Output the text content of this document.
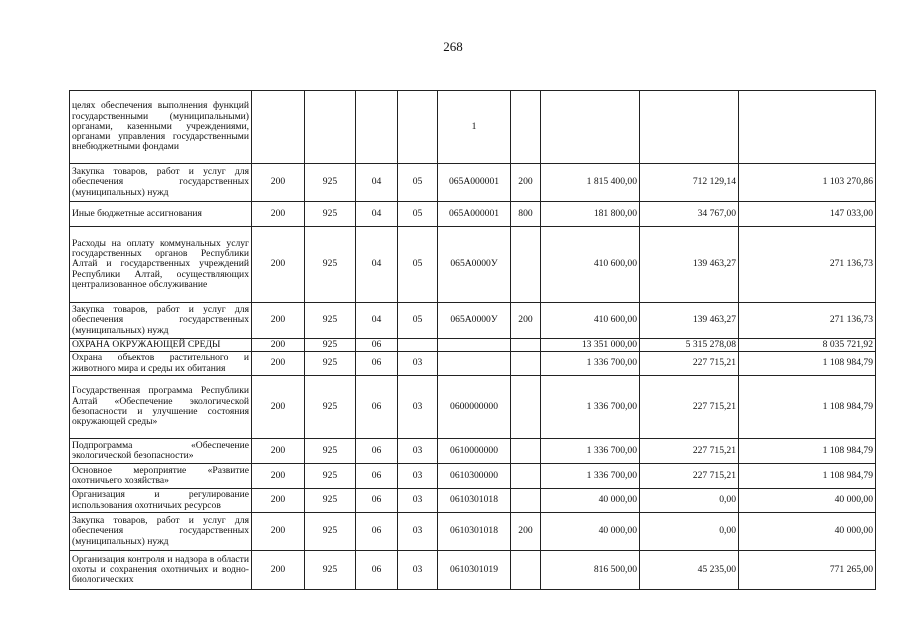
268
целях обеспечения выполнения функций государственными (муниципальными) органами, казенными учреждениями, органами управления государственными внебюджетными фондами					1				
Закупка товаров, работ и услуг для обеспечения государственных (муниципальных) нужд	200	925	04	05	065А000001	200	1 815 400,00	712 129,14	1 103 270,86
Иные бюджетные ассигнования	200	925	04	05	065А000001	800	181 800,00	34 767,00	147 033,00
Расходы на оплату коммунальных услуг государственных органов Республики Алтай и государственных учреждений Республики Алтай, осуществляющих централизованное обслуживание	200	925	04	05	065А0000У		410 600,00	139 463,27	271 136,73
Закупка товаров, работ и услуг для обеспечения государственных (муниципальных) нужд	200	925	04	05	065А0000У	200	410 600,00	139 463,27	271 136,73
ОХРАНА ОКРУЖАЮЩЕЙ СРЕДЫ	200	925	06				13 351 000,00	5 315 278,08	8 035 721,92
Охрана объектов растительного и животного мира и среды их обитания	200	925	06	03			1 336 700,00	227 715,21	1 108 984,79
Государственная программа Республики Алтай «Обеспечение экологической безопасности и улучшение состояния окружающей среды»	200	925	06	03	0600000000		1 336 700,00	227 715,21	1 108 984,79
Подпрограмма «Обеспечение экологической безопасности»	200	925	06	03	0610000000		1 336 700,00	227 715,21	1 108 984,79
Основное мероприятие «Развитие охотничьего хозяйства»	200	925	06	03	0610300000		1 336 700,00	227 715,21	1 108 984,79
Организация и регулирование использования охотничьих ресурсов	200	925	06	03	0610301018		40 000,00	0,00	40 000,00
Закупка товаров, работ и услуг для обеспечения государственных (муниципальных) нужд	200	925	06	03	0610301018	200	40 000,00	0,00	40 000,00
Организация контроля и надзора в области охоты и сохранения охотничьих и водно-биологических	200	925	06	03	0610301019		816 500,00	45 235,00	771 265,00
